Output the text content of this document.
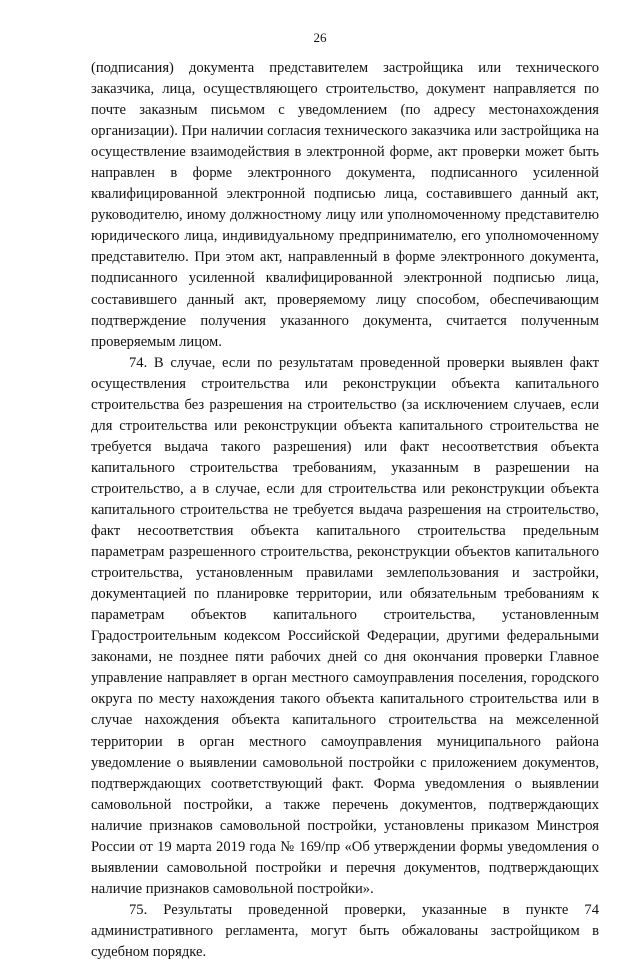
26

(подписания) документа представителем застройщика или технического заказчика, лица, осуществляющего строительство, документ направляется по почте заказным письмом с уведомлением (по адресу местонахождения организации). При наличии согласия технического заказчика или застройщика на осуществление взаимодействия в электронной форме, акт проверки может быть направлен в форме электронного документа, подписанного усиленной квалифицированной электронной подписью лица, составившего данный акт, руководителю, иному должностному лицу или уполномоченному представителю юридического лица, индивидуальному предпринимателю, его уполномоченному представителю. При этом акт, направленный в форме электронного документа, подписанного усиленной квалифицированной электронной подписью лица, составившего данный акт, проверяемому лицу способом, обеспечивающим подтверждение получения указанного документа, считается полученным проверяемым лицом.

74. В случае, если по результатам проведенной проверки выявлен факт осуществления строительства или реконструкции объекта капитального строительства без разрешения на строительство (за исключением случаев, если для строительства или реконструкции объекта капитального строительства не требуется выдача такого разрешения) или факт несоответствия объекта капитального строительства требованиям, указанным в разрешении на строительство, а в случае, если для строительства или реконструкции объекта капитального строительства не требуется выдача разрешения на строительство, факт несоответствия объекта капитального строительства предельным параметрам разрешенного строительства, реконструкции объектов капитального строительства, установленным правилами землепользования и застройки, документацией по планировке территории, или обязательным требованиям к параметрам объектов капитального строительства, установленным Градостроительным кодексом Российской Федерации, другими федеральными законами, не позднее пяти рабочих дней со дня окончания проверки Главное управление направляет в орган местного самоуправления поселения, городского округа по месту нахождения такого объекта капитального строительства или в случае нахождения объекта капитального строительства на межселенной территории в орган местного самоуправления муниципального района уведомление о выявлении самовольной постройки с приложением документов, подтверждающих соответствующий факт. Форма уведомления о выявлении самовольной постройки, а также перечень документов, подтверждающих наличие признаков самовольной постройки, установлены приказом Минстроя России от 19 марта 2019 года № 169/пр «Об утверждении формы уведомления о выявлении самовольной постройки и перечня документов, подтверждающих наличие признаков самовольной постройки».

75. Результаты проведенной проверки, указанные в пункте 74 административного регламента, могут быть обжалованы застройщиком в судебном порядке.
